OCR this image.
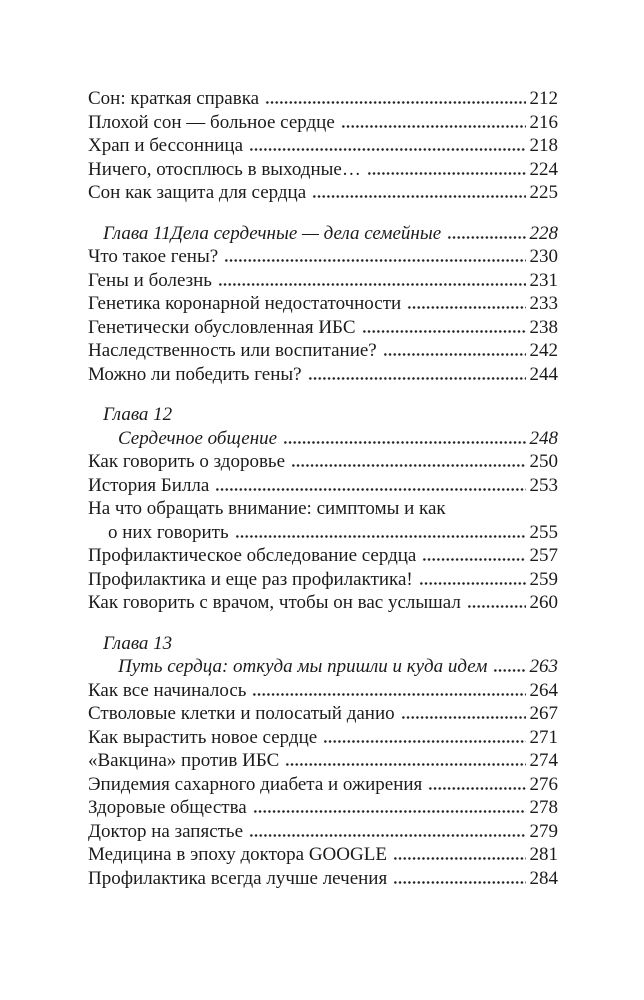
Сон: краткая справка	212
Плохой сон — больное сердце	216
Храп и бессонница	218
Ничего, отосплюсь в выходные…	224
Сон как защита для сердца	225
Глава 11Дела сердечные — дела семейные	228
Что такое гены?	230
Гены и болезнь	231
Генетика коронарной недостаточности	233
Генетически обусловленная ИБС	238
Наследственность или воспитание?	242
Можно ли победить гены?	244
Глава 12
Сердечное общение	248
Как говорить о здоровье	250
История Билла	253
На что обращать внимание: симптомы и как
о них говорить	255
Профилактическое обследование сердца	257
Профилактика и еще раз профилактика!	259
Как говорить с врачом, чтобы он вас услышал	260
Глава 13
Путь сердца: откуда мы пришли и куда идем 263
Как все начиналось	264
Стволовые клетки и полосатый данио	267
Как вырастить новое сердце	271
«Вакцина» против ИБС	274
Эпидемия сахарного диабета и ожирения	276
Здоровые общества	278
Доктор на запястье	279
Медицина в эпоху доктора GOOGLE	281
Профилактика всегда лучше лечения	284
